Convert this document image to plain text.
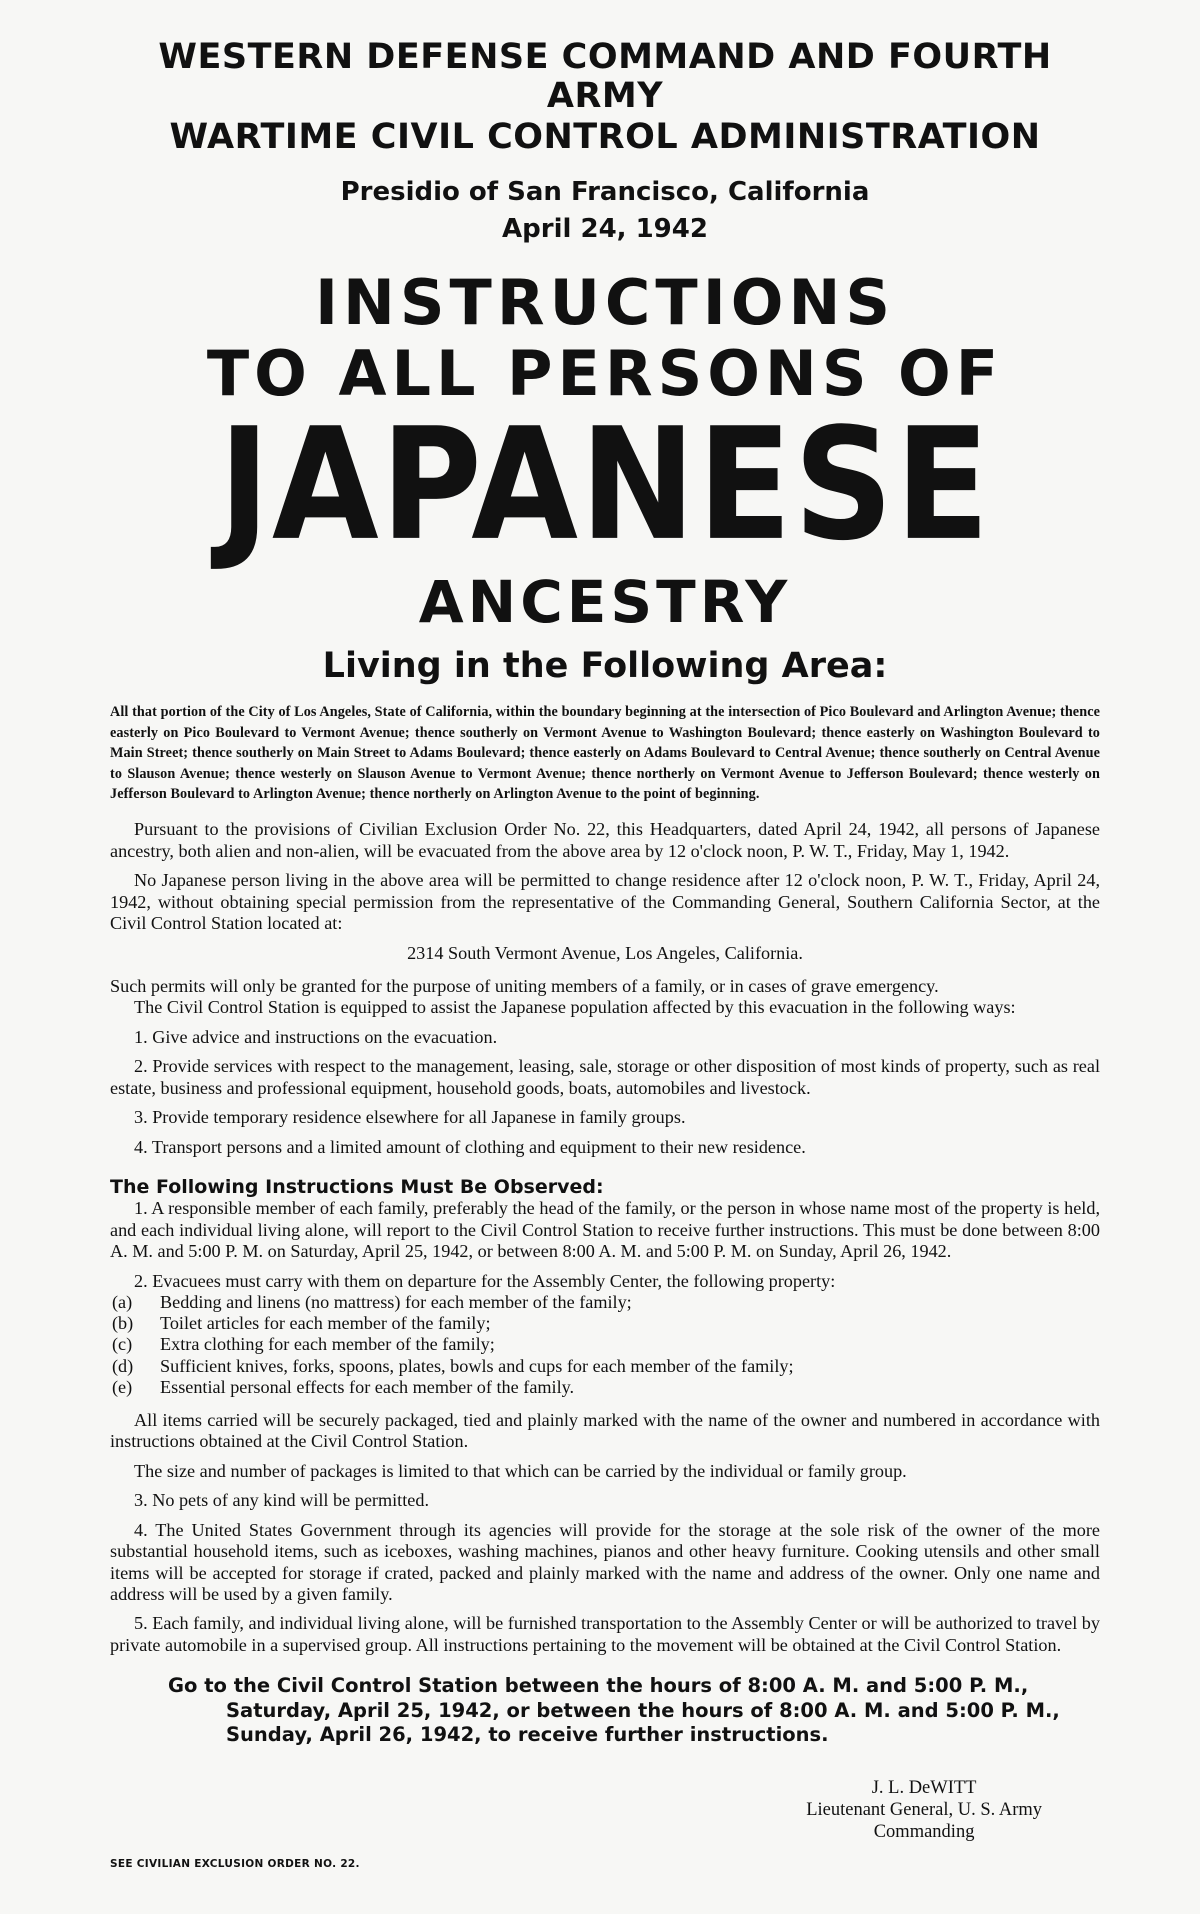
WESTERN DEFENSE COMMAND AND FOURTH ARMY
WARTIME CIVIL CONTROL ADMINISTRATION
Presidio of San Francisco, California
April 24, 1942
INSTRUCTIONS
TO ALL PERSONS OF
JAPANESE
ANCESTRY
Living in the Following Area:

All that portion of the City of Los Angeles, State of California, within the boundary beginning at the intersection of Pico Boulevard and Arlington Avenue; thence easterly on Pico Boulevard to Vermont Avenue; thence southerly on Vermont Avenue to Washington Boulevard; thence easterly on Washington Boulevard to Main Street; thence southerly on Main Street to Adams Boulevard; thence easterly on Adams Boulevard to Central Avenue; thence southerly on Central Avenue to Slauson Avenue; thence westerly on Slauson Avenue to Vermont Avenue; thence northerly on Vermont Avenue to Jefferson Boulevard; thence westerly on Jefferson Boulevard to Arlington Avenue; thence northerly on Arlington Avenue to the point of beginning.

Pursuant to the provisions of Civilian Exclusion Order No. 22, this Headquarters, dated April 24, 1942, all persons of Japanese ancestry, both alien and non-alien, will be evacuated from the above area by 12 o'clock noon, P. W. T., Friday, May 1, 1942.

No Japanese person living in the above area will be permitted to change residence after 12 o'clock noon, P. W. T., Friday, April 24, 1942, without obtaining special permission from the representative of the Commanding General, Southern California Sector, at the Civil Control Station located at:

2314 South Vermont Avenue, Los Angeles, California.

Such permits will only be granted for the purpose of uniting members of a family, or in cases of grave emergency.

The Civil Control Station is equipped to assist the Japanese population affected by this evacuation in the following ways:

1. Give advice and instructions on the evacuation.

2. Provide services with respect to the management, leasing, sale, storage or other disposition of most kinds of property, such as real estate, business and professional equipment, household goods, boats, automobiles and livestock.

3. Provide temporary residence elsewhere for all Japanese in family groups.

4. Transport persons and a limited amount of clothing and equipment to their new residence.

The Following Instructions Must Be Observed:

1. A responsible member of each family, preferably the head of the family, or the person in whose name most of the property is held, and each individual living alone, will report to the Civil Control Station to receive further instructions. This must be done between 8:00 A. M. and 5:00 P. M. on Saturday, April 25, 1942, or between 8:00 A. M. and 5:00 P. M. on Sunday, April 26, 1942.

2. Evacuees must carry with them on departure for the Assembly Center, the following property:

(a)	Bedding and linens (no mattress) for each member of the family;
(b)	Toilet articles for each member of the family;
(c)	Extra clothing for each member of the family;
(d)	Sufficient knives, forks, spoons, plates, bowls and cups for each member of the family;
(e)	Essential personal effects for each member of the family.

All items carried will be securely packaged, tied and plainly marked with the name of the owner and numbered in accordance with instructions obtained at the Civil Control Station.

The size and number of packages is limited to that which can be carried by the individual or family group.

3. No pets of any kind will be permitted.

4. The United States Government through its agencies will provide for the storage at the sole risk of the owner of the more substantial household items, such as iceboxes, washing machines, pianos and other heavy furniture. Cooking utensils and other small items will be accepted for storage if crated, packed and plainly marked with the name and address of the owner. Only one name and address will be used by a given family.

5. Each family, and individual living alone, will be furnished transportation to the Assembly Center or will be authorized to travel by private automobile in a supervised group. All instructions pertaining to the movement will be obtained at the Civil Control Station.

Go to the Civil Control Station between the hours of 8:00 A. M. and 5:00 P. M.,
Saturday, April 25, 1942, or between the hours of 8:00 A. M. and 5:00 P. M.,
Sunday, April 26, 1942, to receive further instructions.
J. L. DeWITT
Lieutenant General, U. S. Army
Commanding
SEE CIVILIAN EXCLUSION ORDER NO. 22.
